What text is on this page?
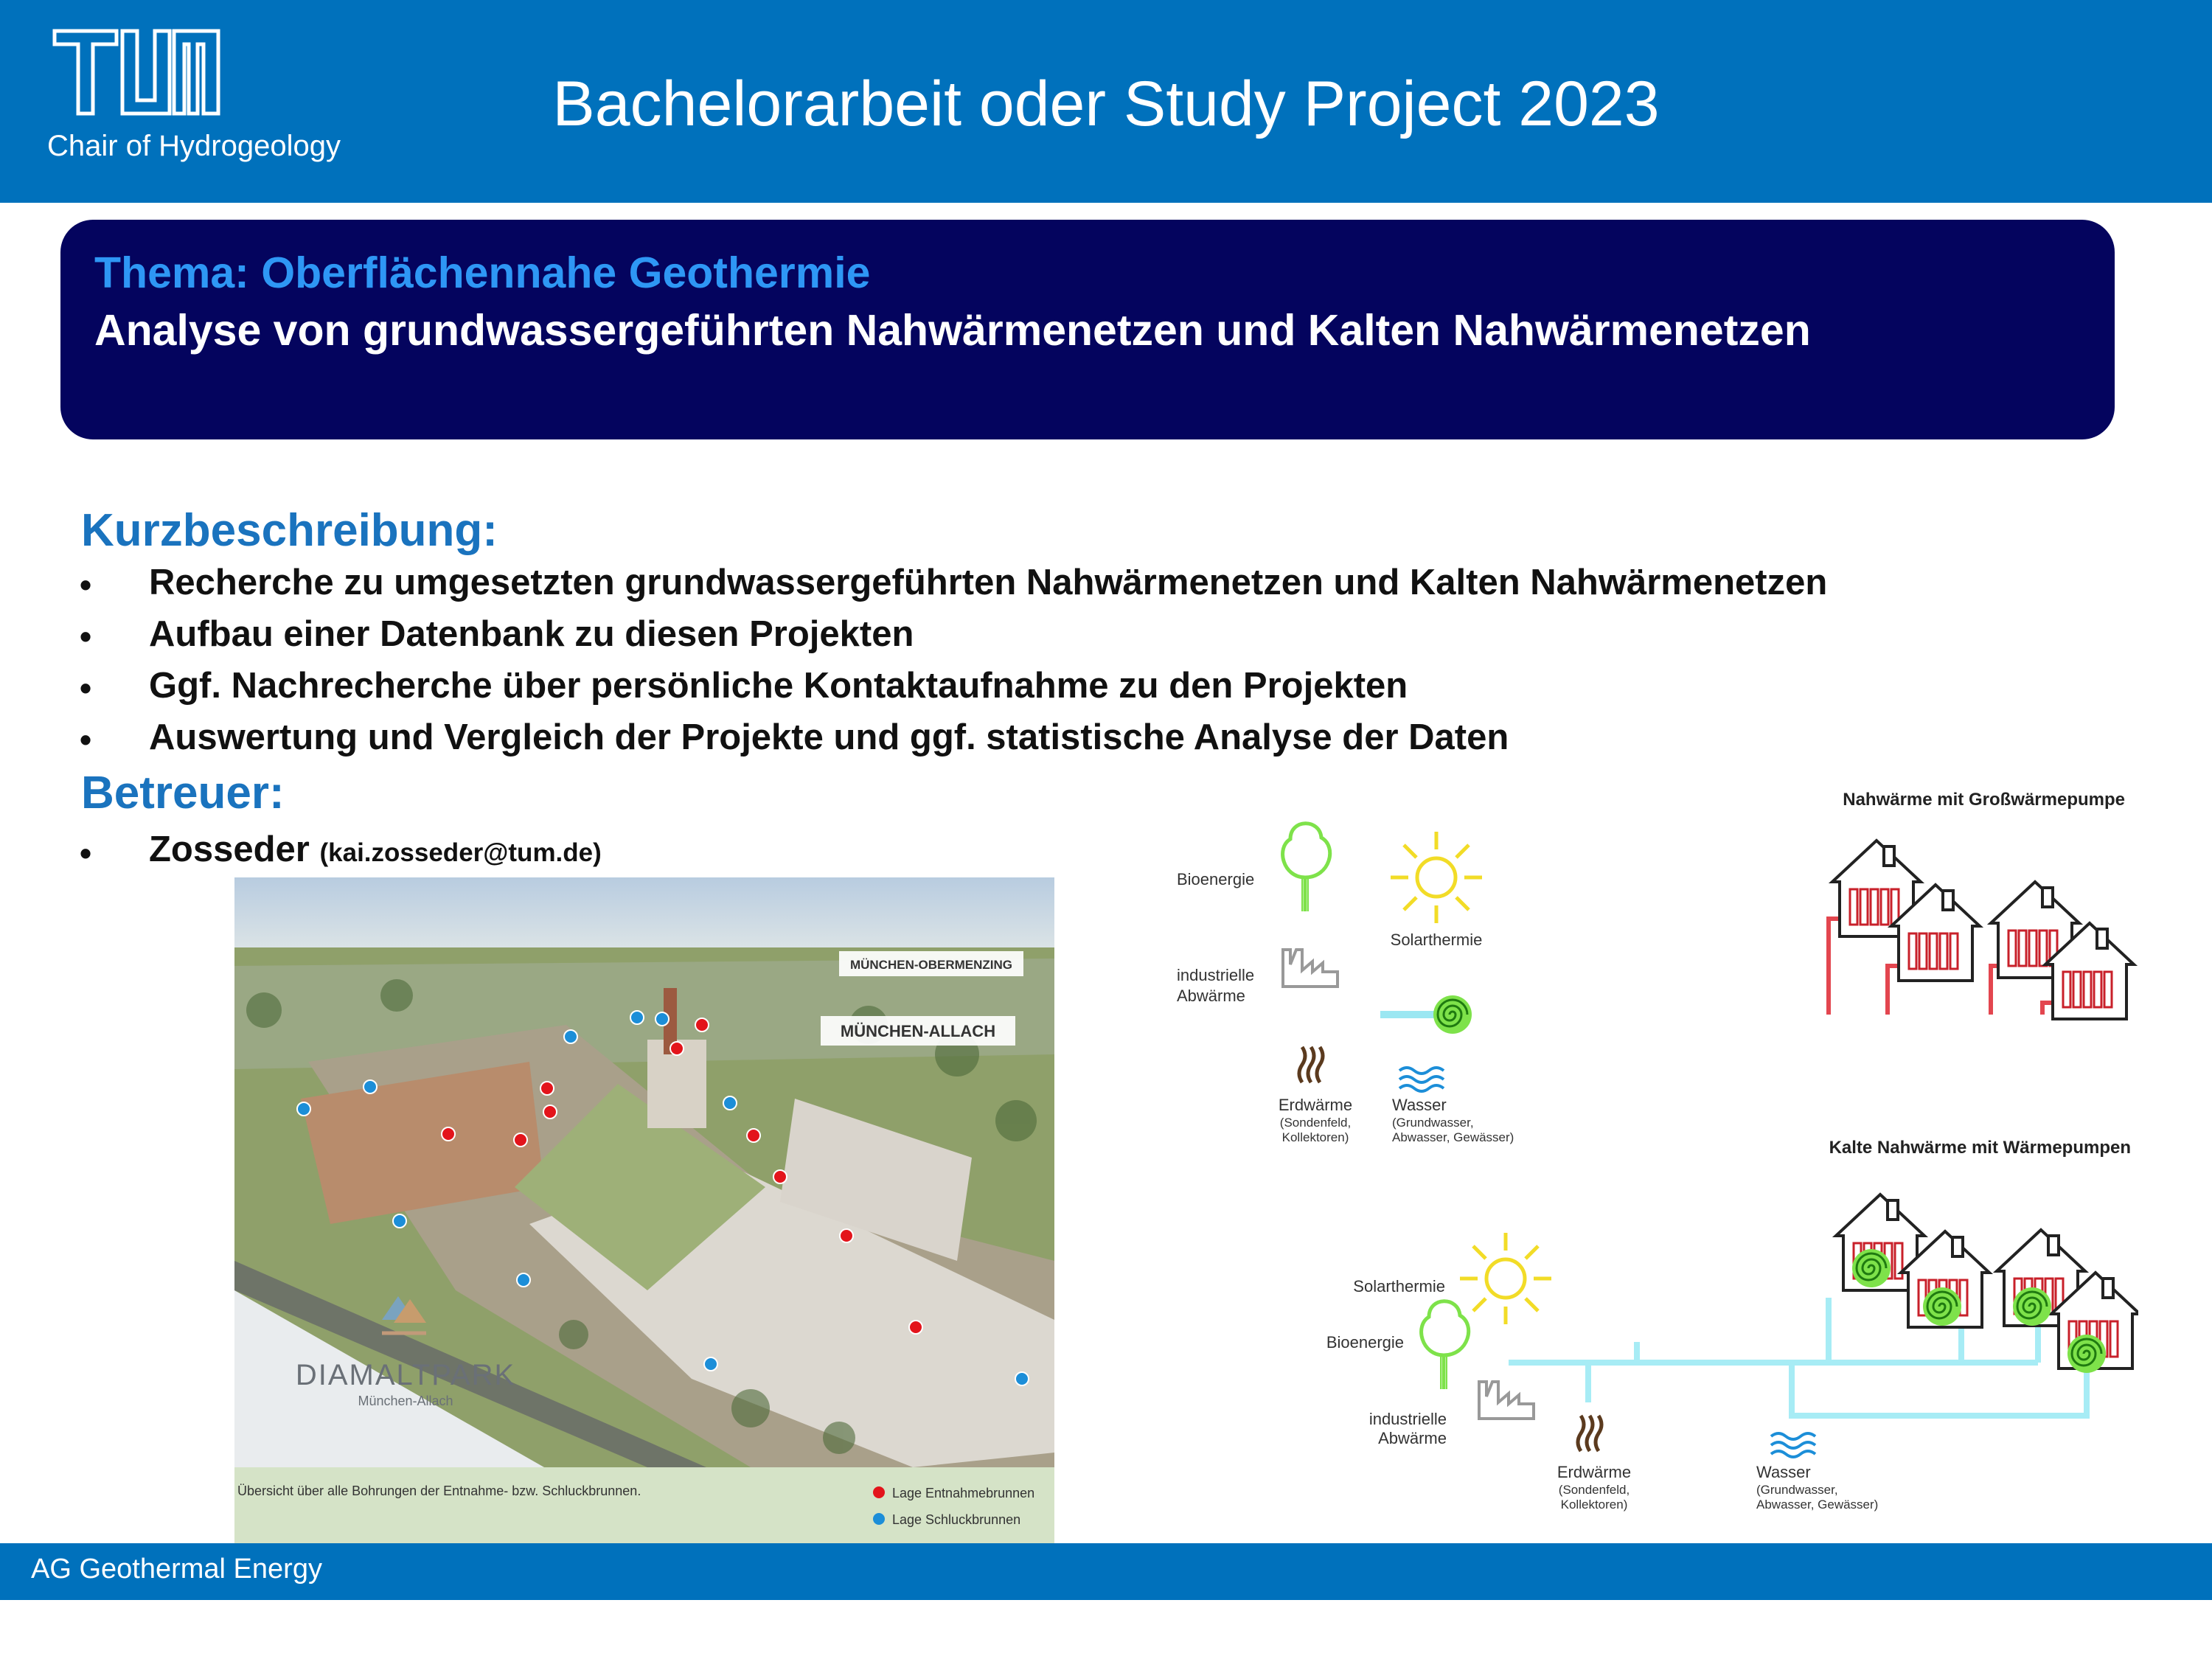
Chair of Hydrogeology
Bachelorarbeit oder Study Project 2023
Thema: Oberflächennahe Geothermie
Analyse von grundwassergeführten Nahwärmenetzen und Kalten Nahwärmenetzen
Kurzbeschreibung:
• Recherche zu umgesetzten grundwassergeführten Nahwärmenetzen und Kalten Nahwärmenetzen
• Aufbau einer Datenbank zu diesen Projekten
• Ggf. Nachrecherche über persönliche Kontaktaufnahme zu den Projekten
• Auswertung und Vergleich der Projekte und ggf. statistische Analyse der Daten
Betreuer:
• Zosseder (kai.zosseder@tum.de)
DIAMALTPARK
München-Allach
MÜNCHEN-OBERMENZING
MÜNCHEN-ALLACH
Übersicht über alle Bohrungen der Entnahme- bzw. Schluckbrunnen.	Lage Entnahmebrunnen
Lage Schluckbrunnen
Nahwärme mit Großwärmepumpe
Bioenergie
Solarthermie
industrielle
Abwärme
Erdwärme
(Sondenfeld,
Kollektoren)
Wasser
(Grundwasser,
Abwasser, Gewässer)
Kalte Nahwärme mit Wärmepumpen
Solarthermie
Bioenergie
industrielle
Abwärme
Erdwärme
(Sondenfeld,
Kollektoren)
Wasser
(Grundwasser,
Abwasser, Gewässer)
AG Geothermal Energy
